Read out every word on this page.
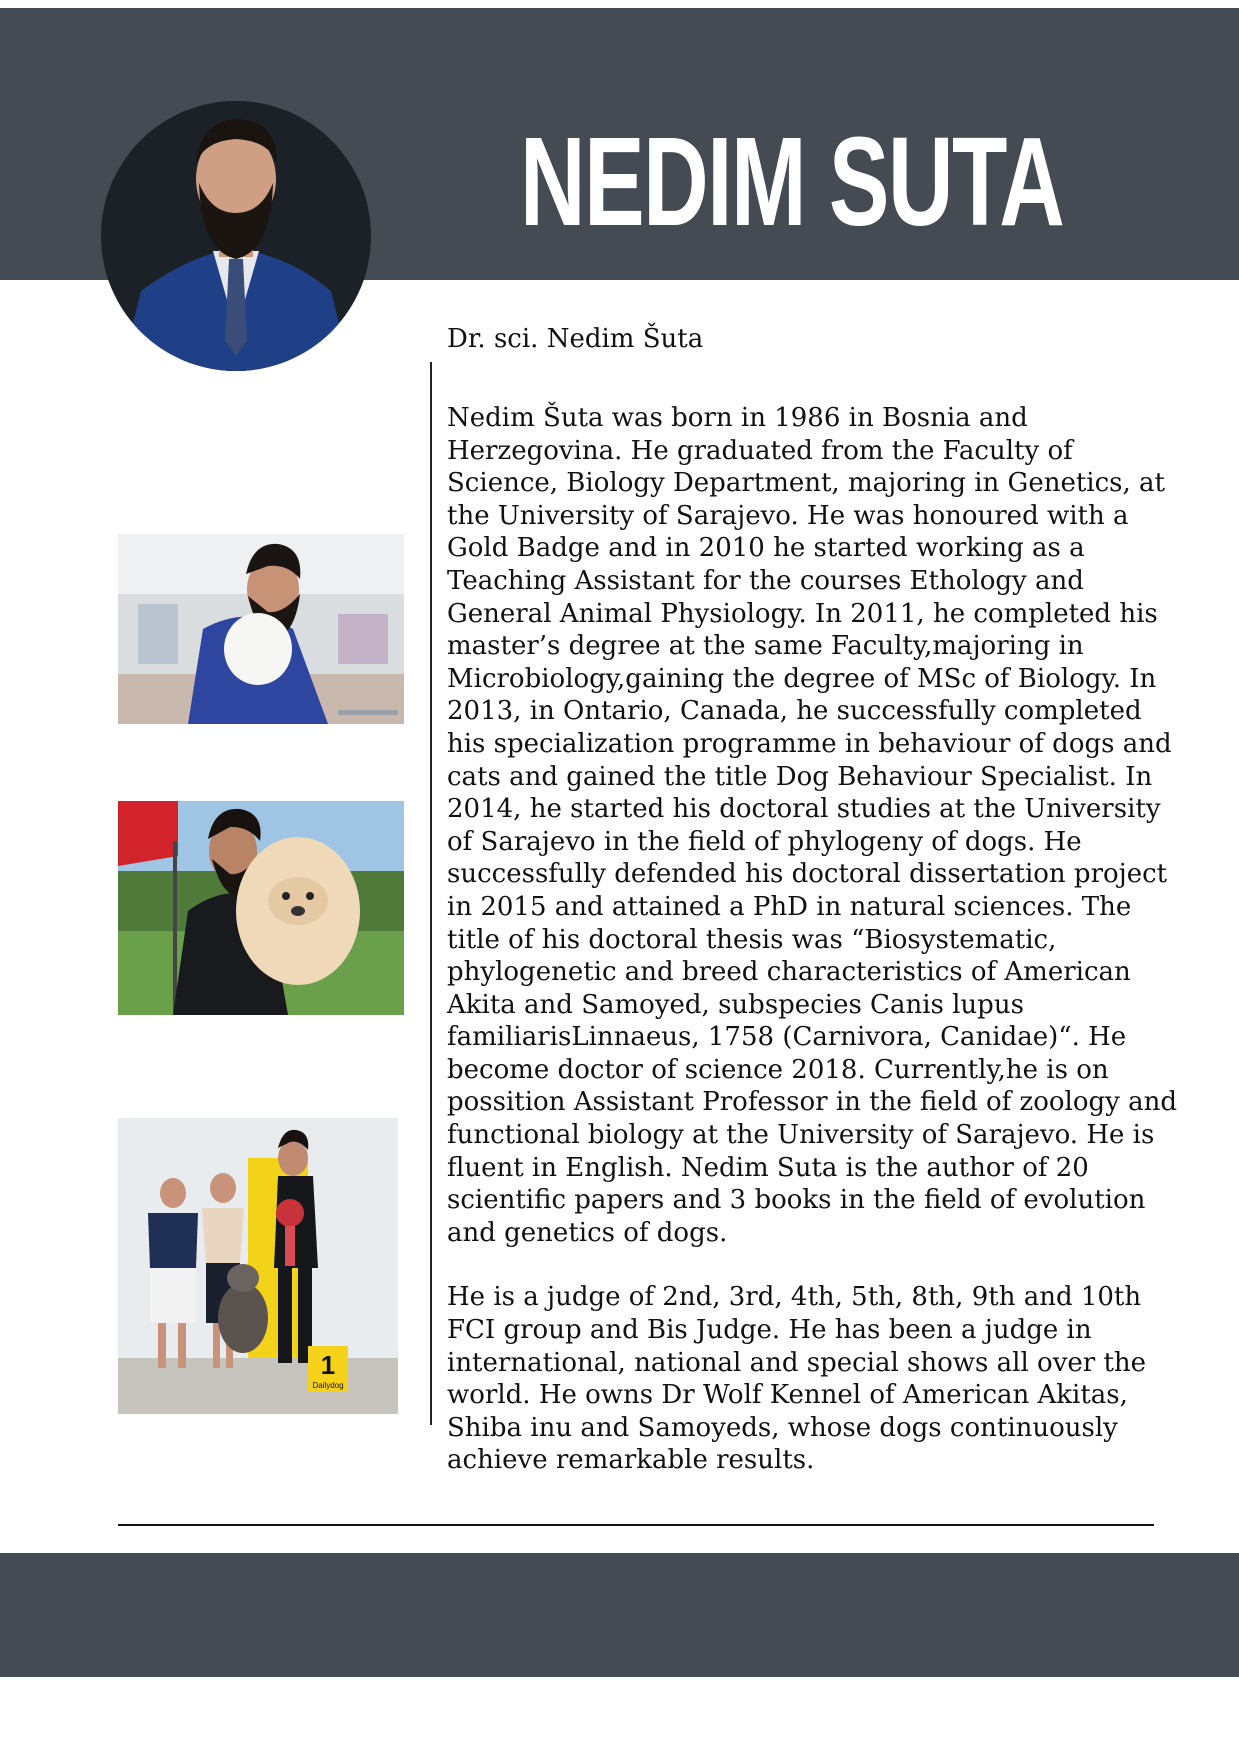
NEDIM SUTA
Dr. sci. Nedim Šuta
1
Dailydog

Nedim Šuta was born in 1986 in Bosnia and Herzegovina. He graduated from the Faculty of Science, Biology Department, majoring in Genetics, at the University of Sarajevo. He was honoured with a Gold Badge and in 2010 he started working as a Teaching Assistant for the courses Ethology and General Animal Physiology. In 2011, he completed his master’s degree at the same Faculty,majoring in Microbiology,gaining the degree of MSc of Biology. In 2013, in Ontario, Canada, he successfully completed his specialization programme in behaviour of dogs and cats and gained the title Dog Behaviour Specialist. In 2014, he started his doctoral studies at the University of Sarajevo in the field of phylogeny of dogs. He successfully defended his doctoral dissertation project in 2015 and attained a PhD in natural sciences. The title of his doctoral thesis was “Biosystematic, phylogenetic and breed characteristics of American Akita and Samoyed, subspecies Canis lupus familiarisLinnaeus, 1758 (Carnivora, Canidae)“. He become doctor of science 2018. Currently,he is on possition Assistant Professor in the field of zoology and functional biology at the University of Sarajevo. He is fluent in English. Nedim Suta is the author of 20 scientific papers and 3 books in the field of evolution and genetics of dogs.

He is a judge of 2nd, 3rd, 4th, 5th, 8th, 9th and 10th FCI group and Bis Judge. He has been a judge in international, national and special shows all over the world. He owns Dr Wolf Kennel of American Akitas, Shiba inu and Samoyeds, whose dogs continuously achieve remarkable results.
